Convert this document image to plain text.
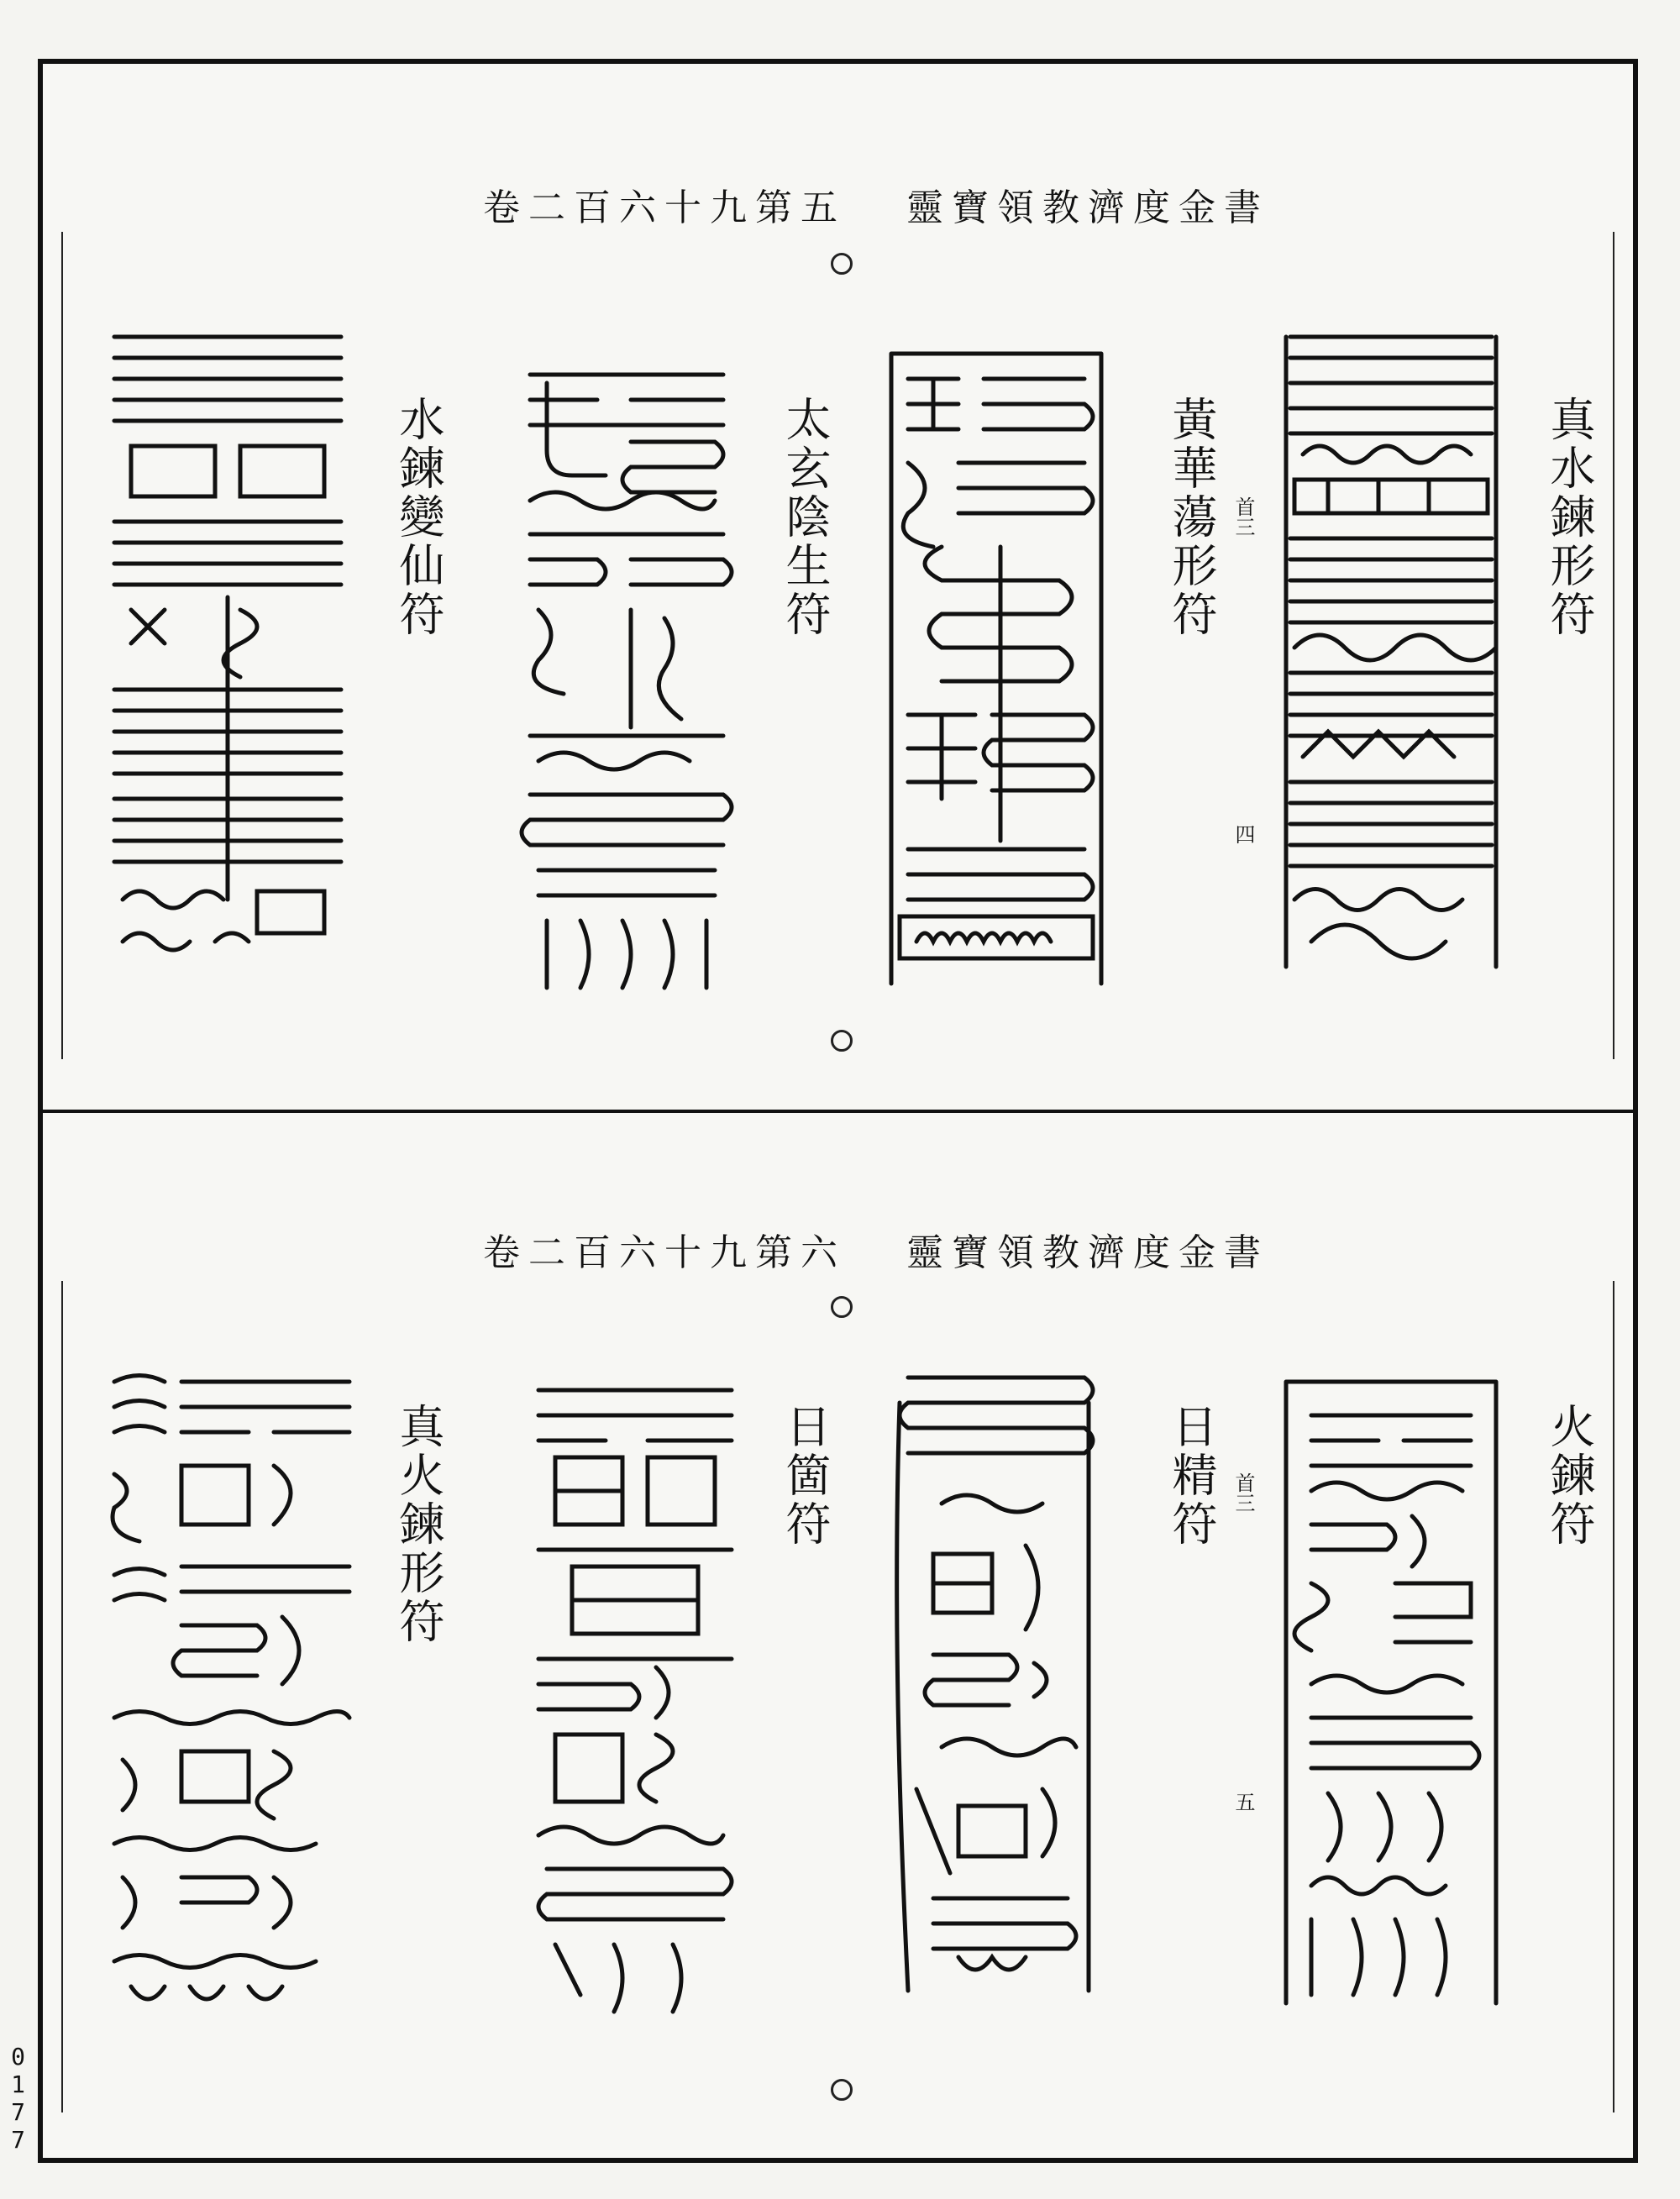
卷二百六十九第五 靈寶領教濟度金書
真水鍊形符
黃華蕩形符 首三
四
太玄陰生符
水鍊變仙符
卷二百六十九第六 靈寶領教濟度金書
火鍊符
日精符 首三
五
日箇符
真火鍊形符
0177
